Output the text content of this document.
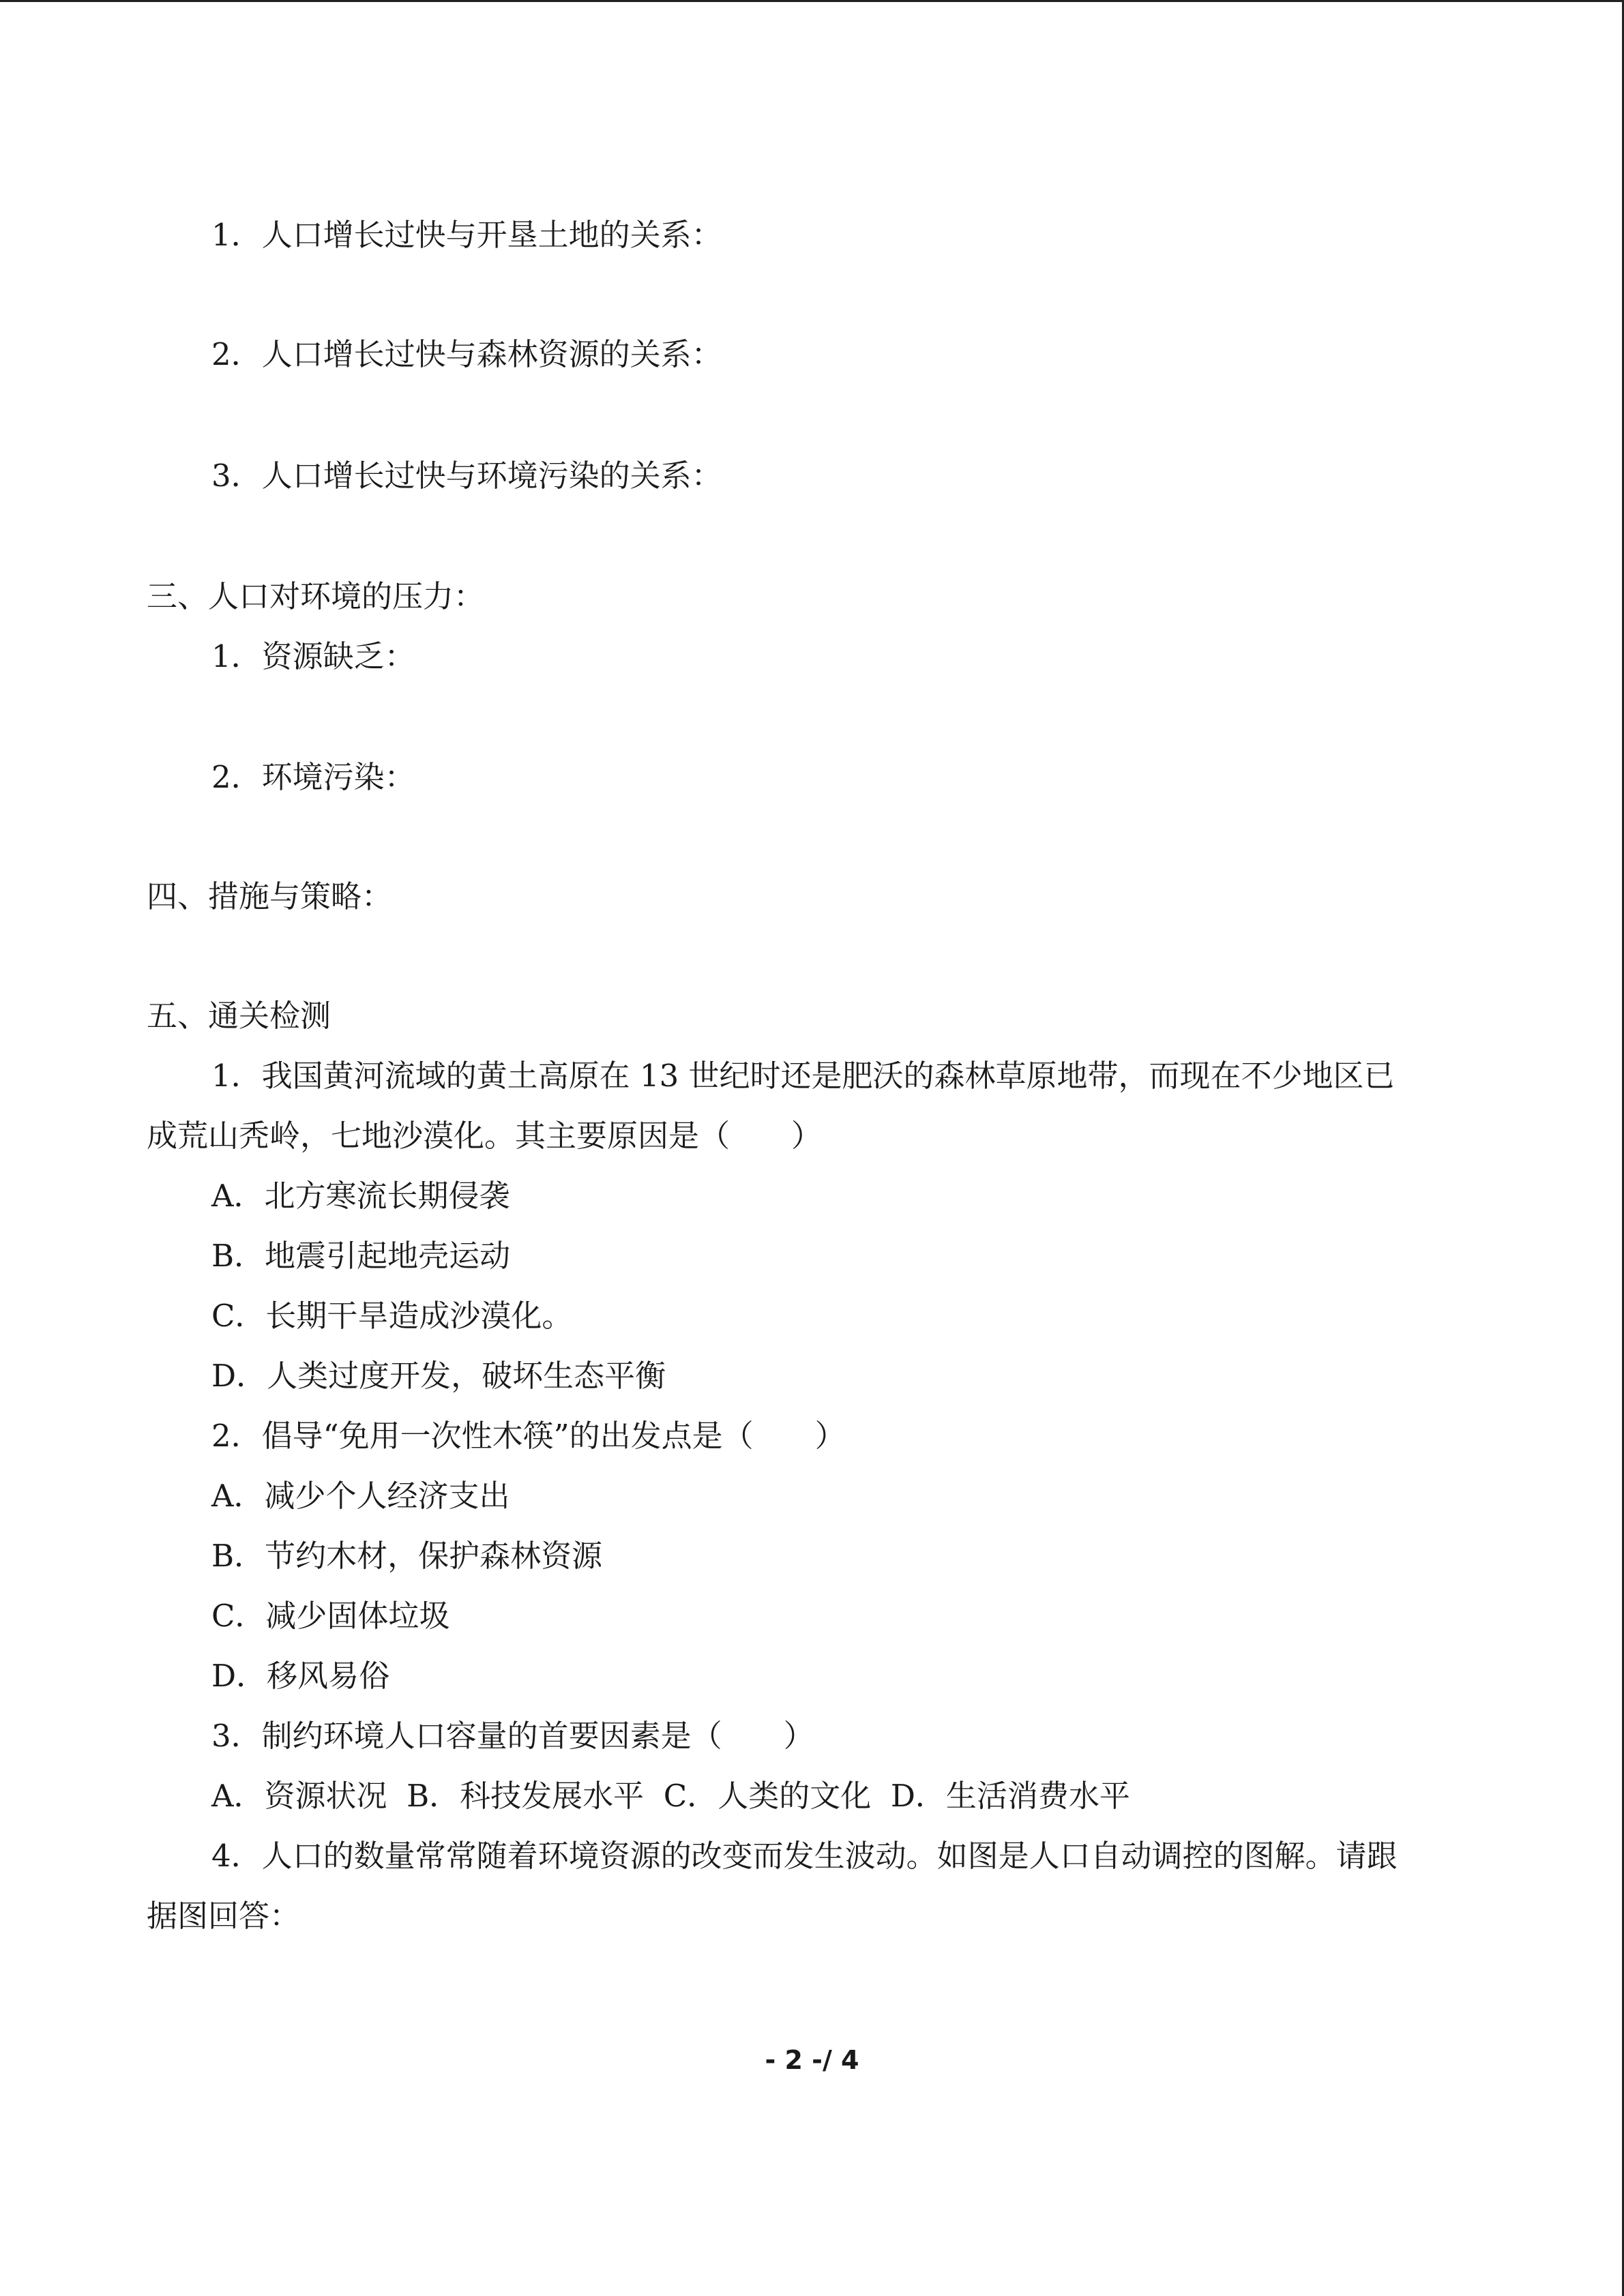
1．人口增长过快与开垦土地的关系：
2．人口增长过快与森林资源的关系：
3．人口增长过快与环境污染的关系：
三、人口对环境的压力：
1．资源缺乏：
2．环境污染：
四、措施与策略：
五、通关检测
1．我国黄河流域的黄土高原在 13 世纪时还是肥沃的森林草原地带，而现在不少地区已
成荒山秃岭，七地沙漠化。其主要原因是（　　）
A．北方寒流长期侵袭
B．地震引起地壳运动
C．长期干旱造成沙漠化。
D．人类过度开发，破坏生态平衡
2．倡导“免用一次性木筷”的出发点是（　　）
A．减少个人经济支出
B．节约木材，保护森林资源
C．减少固体垃圾
D．移风易俗
3．制约环境人口容量的首要因素是（　　）
A．资源状况  B．科技发展水平  C．人类的文化  D．生活消费水平
4．人口的数量常常随着环境资源的改变而发生波动。如图是人口自动调控的图解。请跟
据图回答：
- 2 -/ 4
